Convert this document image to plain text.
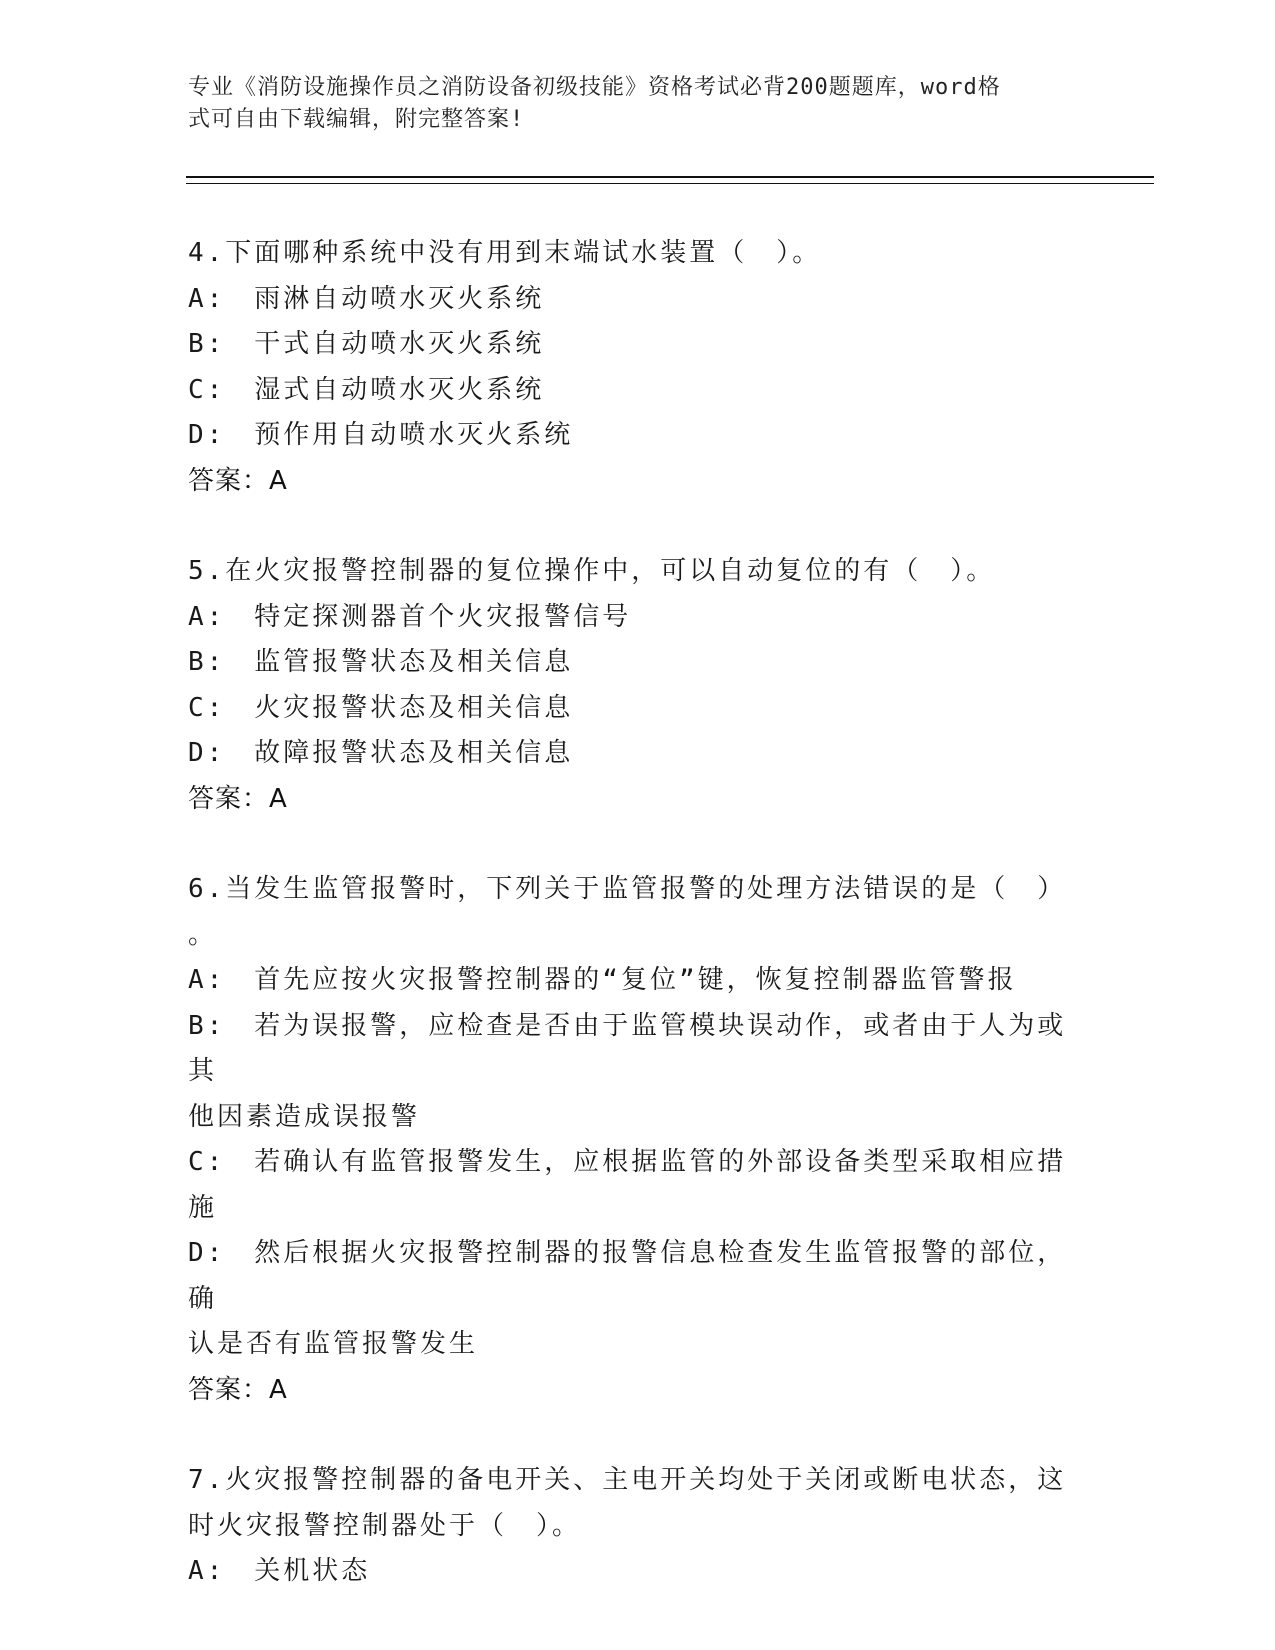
专业《消防设施操作员之消防设备初级技能》资格考试必背200题题库，word格
式可自由下载编辑，附完整答案!
4.下面哪种系统中没有用到末端试水装置（　）。
A:　雨淋自动喷水灭火系统
B:　干式自动喷水灭火系统
C:　湿式自动喷水灭火系统
D:　预作用自动喷水灭火系统
答案：A
5.在火灾报警控制器的复位操作中，可以自动复位的有（　）。
A:　特定探测器首个火灾报警信号
B:　监管报警状态及相关信息
C:　火灾报警状态及相关信息
D:　故障报警状态及相关信息
答案：A
6.当发生监管报警时，下列关于监管报警的处理方法错误的是（　）
。
A:　首先应按火灾报警控制器的“复位”键，恢复控制器监管警报
B:　若为误报警，应检查是否由于监管模块误动作，或者由于人为或其
他因素造成误报警
C:　若确认有监管报警发生，应根据监管的外部设备类型采取相应措施
D:　然后根据火灾报警控制器的报警信息检查发生监管报警的部位，确
认是否有监管报警发生
答案：A
7.火灾报警控制器的备电开关、主电开关均处于关闭或断电状态，这
时火灾报警控制器处于（　）。
A:　关机状态
